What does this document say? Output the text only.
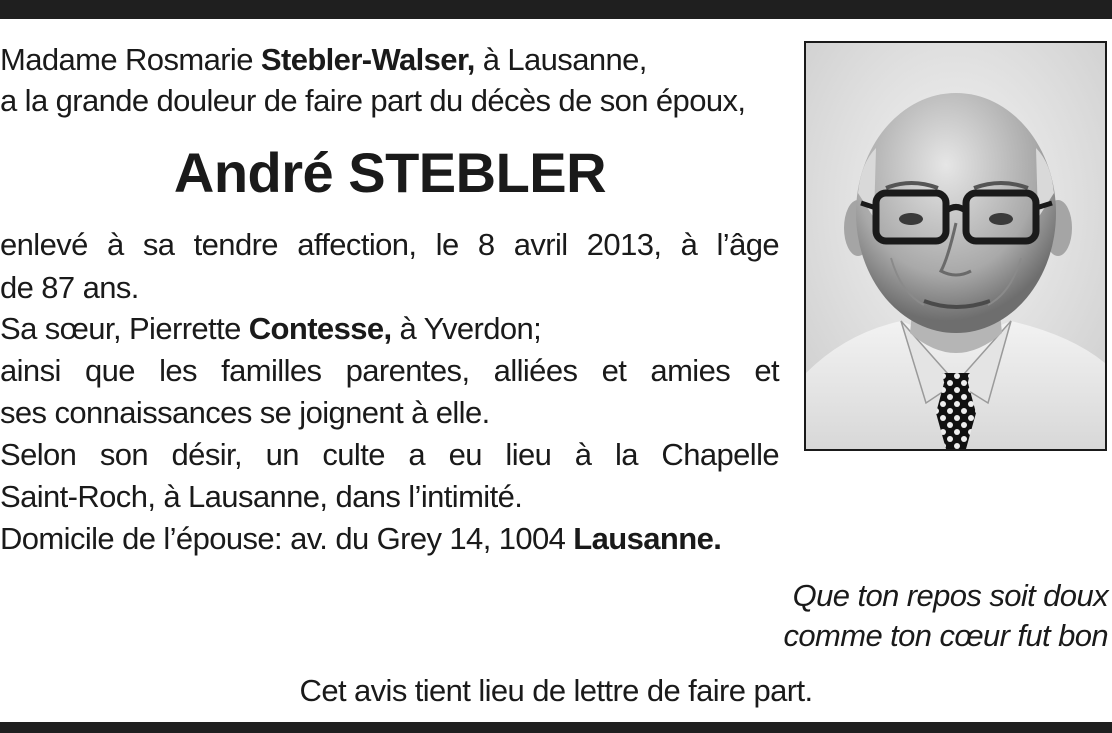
Madame Rosmarie Stebler-Walser, à Lausanne,
a la grande douleur de faire part du décès de son époux,
André STEBLER
enlevé à sa tendre affection, le 8 avril 2013, à l’âge
de 87 ans.
Sa sœur, Pierrette Contesse, à Yverdon;
ainsi que les familles parentes, alliées et amies et
ses connaissances se joignent à elle.
Selon son désir, un culte a eu lieu à la Chapelle
Saint-Roch, à Lausanne, dans l’intimité.
Domicile de l’épouse: av. du Grey 14, 1004 Lausanne.
Que ton repos soit doux
comme ton cœur fut bon
Cet avis tient lieu de lettre de faire part.
